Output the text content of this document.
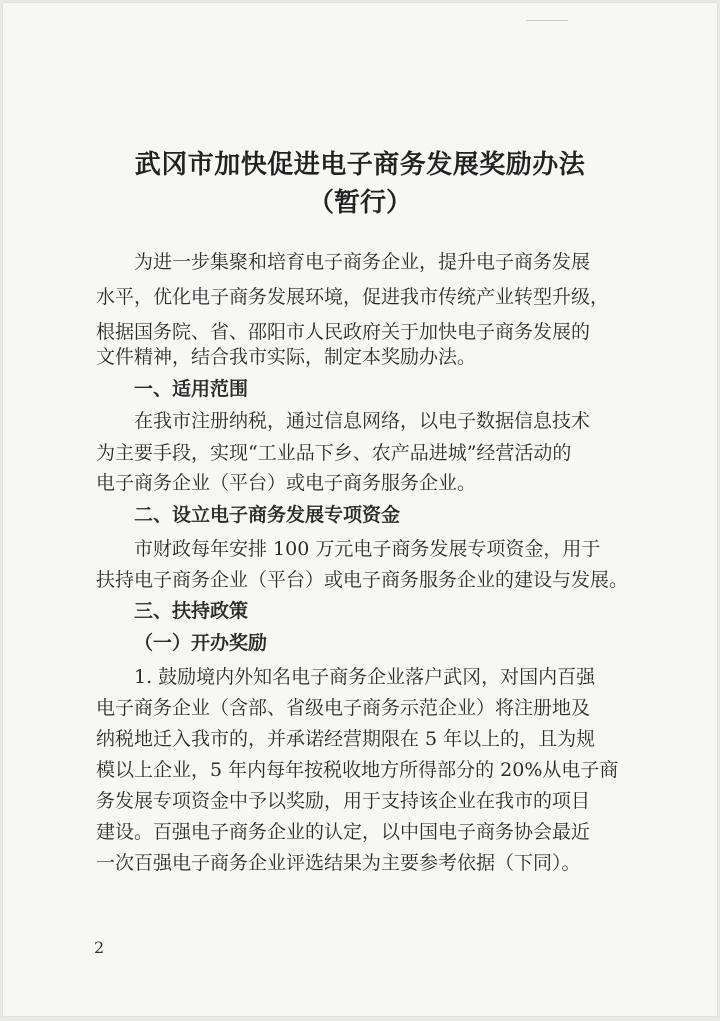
武冈市加快促进电子商务发展奖励办法
（暂行）
为进一步集聚和培育电子商务企业，提升电子商务发展
水平，优化电子商务发展环境，促进我市传统产业转型升级，
根据国务院、省、邵阳市人民政府关于加快电子商务发展的
文件精神，结合我市实际，制定本奖励办法。
一、适用范围
在我市注册纳税，通过信息网络，以电子数据信息技术
为主要手段，实现“工业品下乡、农产品进城”经营活动的
电子商务企业（平台）或电子商务服务企业。
二、设立电子商务发展专项资金
市财政每年安排 100 万元电子商务发展专项资金，用于
扶持电子商务企业（平台）或电子商务服务企业的建设与发展。
三、扶持政策
（一）开办奖励
1. 鼓励境内外知名电子商务企业落户武冈，对国内百强
电子商务企业（含部、省级电子商务示范企业）将注册地及
纳税地迁入我市的，并承诺经营期限在 5 年以上的，且为规
模以上企业，5 年内每年按税收地方所得部分的 20%从电子商
务发展专项资金中予以奖励，用于支持该企业在我市的项目
建设。百强电子商务企业的认定，以中国电子商务协会最近
一次百强电子商务企业评选结果为主要参考依据（下同）。
2
